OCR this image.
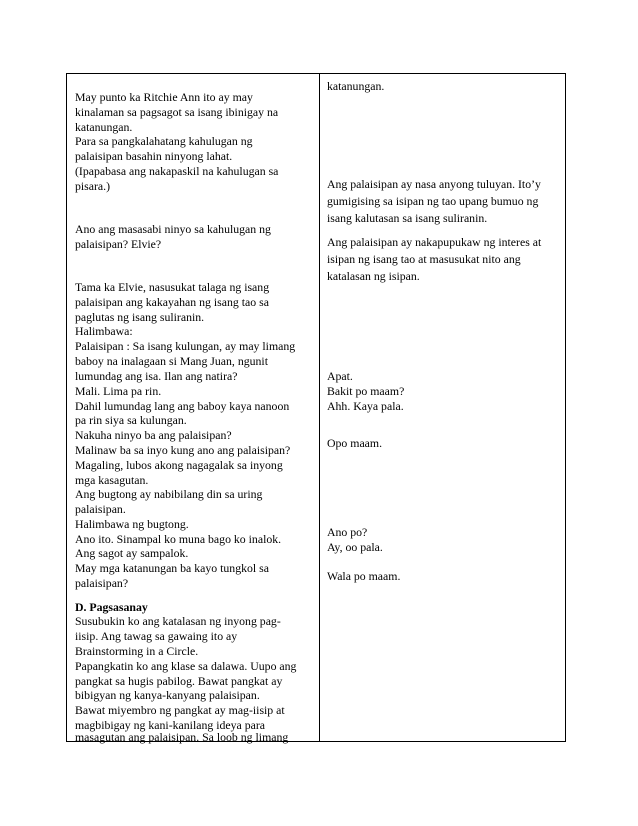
May punto ka Ritchie Ann ito ay may
kinalaman sa pagsagot sa isang ibinigay na
katanungan.
Para sa pangkalahatang kahulugan ng
palaisipan basahin ninyong lahat.
(Ipapabasa ang nakapaskil na kahulugan sa
pisara.)
Ano ang masasabi ninyo sa kahulugan ng
palaisipan? Elvie?
Tama ka Elvie, nasusukat talaga ng isang
palaisipan ang kakayahan ng isang tao sa
paglutas ng isang suliranin.
Halimbawa:
Palaisipan : Sa isang kulungan, ay may limang
baboy na inalagaan si Mang Juan, ngunit
lumundag ang isa. Ilan ang natira?
Mali. Lima pa rin.
Dahil lumundag lang ang baboy kaya nanoon
pa rin siya sa kulungan.
Nakuha ninyo ba ang palaisipan?
Malinaw ba sa inyo kung ano ang palaisipan?
Magaling, lubos akong nagagalak sa inyong
mga kasagutan.
Ang bugtong ay nabibilang din sa uring
palaisipan.
Halimbawa ng bugtong.
Ano ito. Sinampal ko muna bago ko inalok.
Ang sagot ay sampalok.
May mga katanungan ba kayo tungkol sa
palaisipan?
D. Pagsasanay
Susubukin ko ang katalasan ng inyong pag-
iisip. Ang tawag sa gawaing ito ay
Brainstorming in a Circle.
Papangkatin ko ang klase sa dalawa. Uupo ang
pangkat sa hugis pabilog. Bawat pangkat ay
bibigyan ng kanya-kanyang palaisipan.
Bawat miyembro ng pangkat ay mag-iisip at
magbibigay ng kani-kanilang ideya para
masagutan ang palaisipan. Sa loob ng limang
katanungan.
Ang palaisipan ay nasa anyong tuluyan. Ito’y
gumigising sa isipan ng tao upang bumuo ng
isang kalutasan sa isang suliranin.
Ang palaisipan ay nakapupukaw ng interes at
isipan ng isang tao at masusukat nito ang
katalasan ng isipan.
Apat.
Bakit po maam?
Ahh. Kaya pala.
Opo maam.
Ano po?
Ay, oo pala.
Wala po maam.
